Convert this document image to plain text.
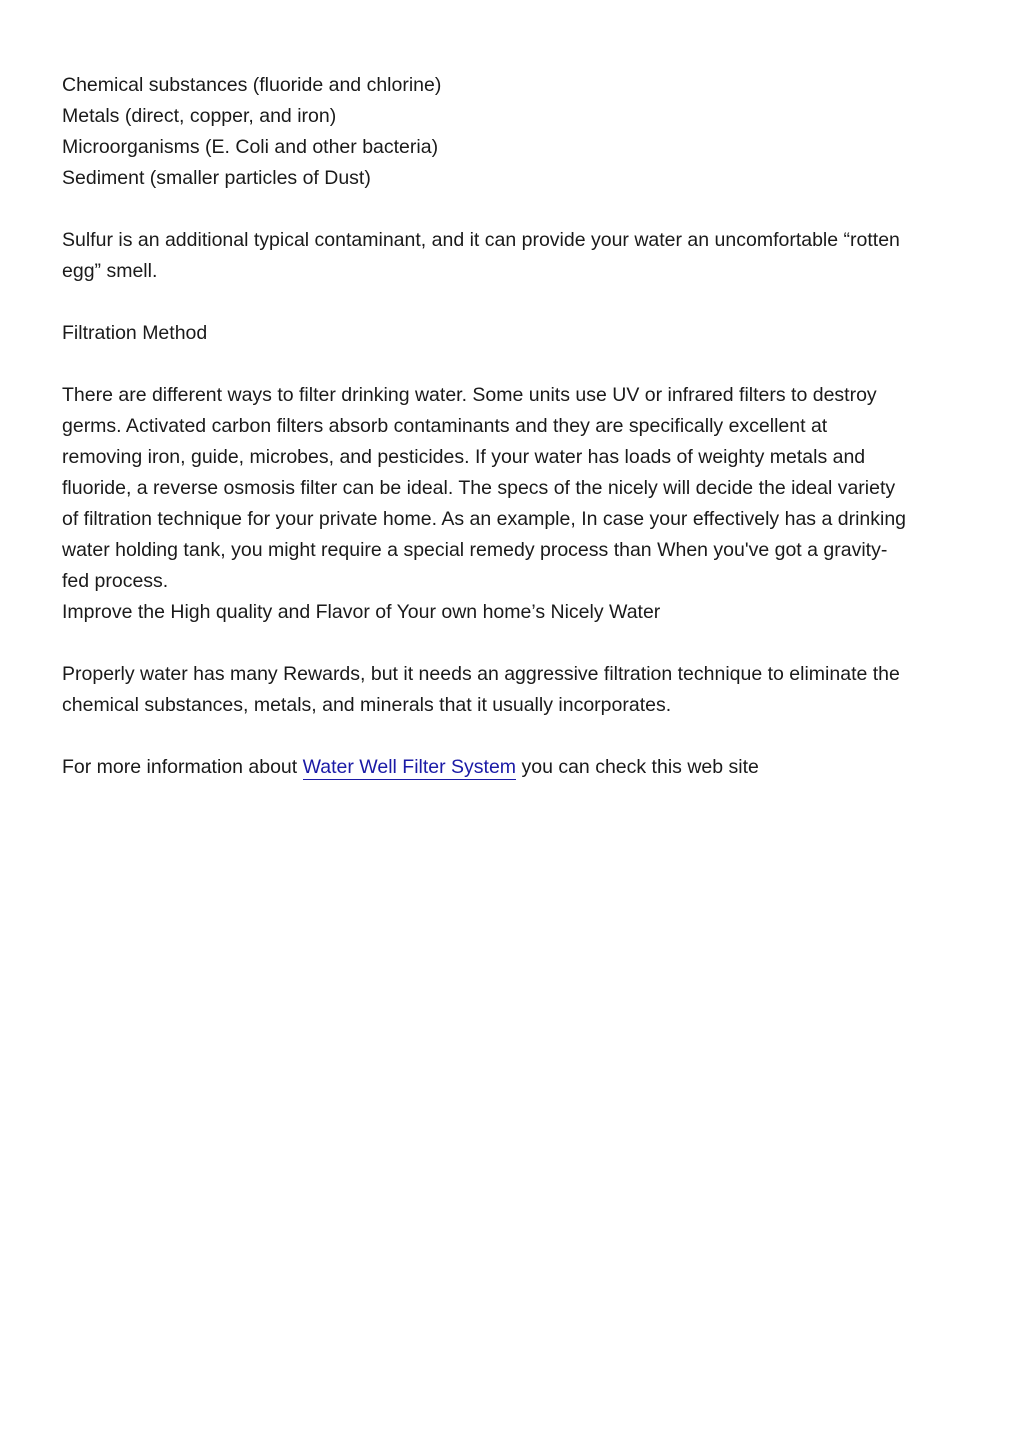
Chemical substances (fluoride and chlorine)
Metals (direct, copper, and iron)
Microorganisms (E. Coli and other bacteria)
Sediment (smaller particles of Dust)
Sulfur is an additional typical contaminant, and it can provide your water an uncomfortable “rotten
egg” smell.
Filtration Method
There are different ways to filter drinking water. Some units use UV or infrared filters to destroy
germs. Activated carbon filters absorb contaminants and they are specifically excellent at
removing iron, guide, microbes, and pesticides. If your water has loads of weighty metals and
fluoride, a reverse osmosis filter can be ideal. The specs of the nicely will decide the ideal variety
of filtration technique for your private home. As an example, In case your effectively has a drinking
water holding tank, you might require a special remedy process than When you've got a gravity-
fed process.
Improve the High quality and Flavor of Your own home’s Nicely Water
Properly water has many Rewards, but it needs an aggressive filtration technique to eliminate the
chemical substances, metals, and minerals that it usually incorporates.
For more information about Water Well Filter System you can check this web site
